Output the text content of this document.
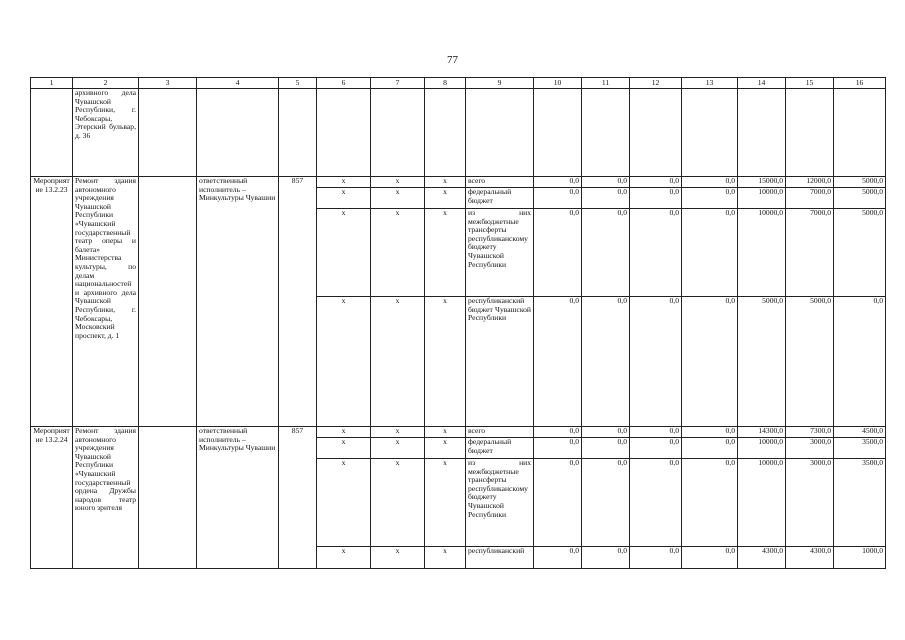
77
1	2	3	4	5	6	7	8	9	10	11	12	13	14	15	16
	архивного дела Чувашской Республики, г. Чебоксары, Этерский бульвар, д. 36														
Мероприятие 13.2.23	Ремонт здания автономного учреждения Чувашской Республики «Чувашский государственный театр оперы и балета» Министерства культуры, по делам национальностей и архивного дела Чувашской Республики, г. Чебоксары, Московский проспект, д. 1		ответственный исполнитель – Минкультуры Чувашии	857	x	x	x	всего	0,0	0,0	0,0	0,0	15000,0	12000,0	5000,0
					x	x	x	федеральный бюджет	0,0	0,0	0,0	0,0	10000,0	7000,0	5000,0
					x	x	x	из них межбюджетные трансферты республиканскому бюджету Чувашской Республики	0,0	0,0	0,0	0,0	10000,0	7000,0	5000,0
					x	x	x	республиканский бюджет Чувашской Республики	0,0	0,0	0,0	0,0	5000,0	5000,0	0,0
Мероприятие 13.2.24	Ремонт здания автономного учреждения Чувашской Республики «Чувашский государственный ордена Дружбы народов театр юного зрителя		ответственный исполнитель – Минкультуры Чувашии	857	x	x	x	всего	0,0	0,0	0,0	0,0	14300,0	7300,0	4500,0
					x	x	x	федеральный бюджет	0,0	0,0	0,0	0,0	10000,0	3000,0	3500,0
					x	x	x	из них межбюджетные трансферты республиканскому бюджету Чувашской Республики	0,0	0,0	0,0	0,0	10000,0	3000,0	3500,0
					x	x	x	республиканский	0,0	0,0	0,0	0,0	4300,0	4300,0	1000,0
